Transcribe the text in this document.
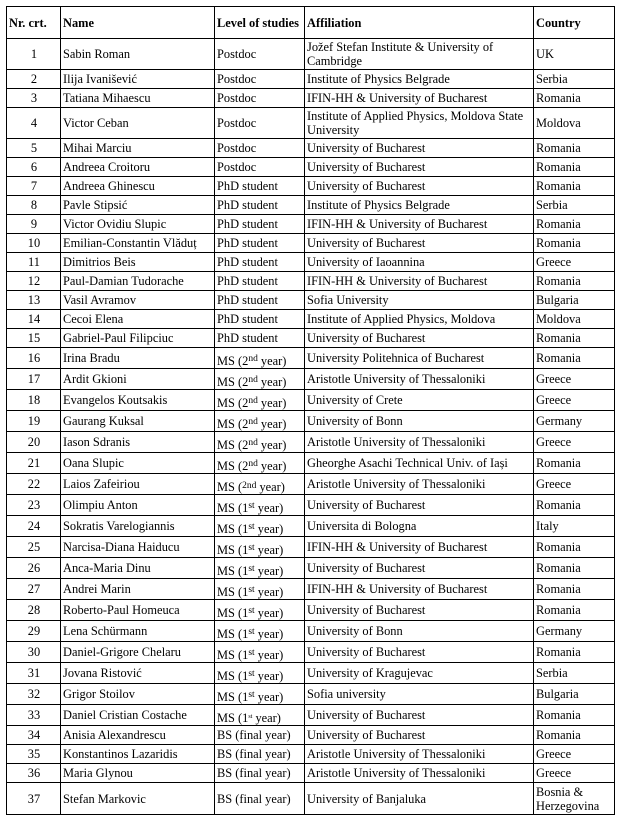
Nr. crt.	Name	Level of studies	Affiliation	Country
1	Sabin Roman	Postdoc	Jožef Stefan Institute & University of Cambridge	UK
2	Ilija Ivanišević	Postdoc	Institute of Physics Belgrade	Serbia
3	Tatiana Mihaescu	Postdoc	IFIN-HH & University of Bucharest	Romania
4	Victor Ceban	Postdoc	Institute of Applied Physics, Moldova State University	Moldova
5	Mihai Marciu	Postdoc	University of Bucharest	Romania
6	Andreea Croitoru	Postdoc	University of Bucharest	Romania
7	Andreea Ghinescu	PhD student	University of Bucharest	Romania
8	Pavle Stipsić	PhD student	Institute of Physics Belgrade	Serbia
9	Victor Ovidiu Slupic	PhD student	IFIN-HH & University of Bucharest	Romania
10	Emilian-Constantin Vlăduț	PhD student	University of Bucharest	Romania
11	Dimitrios Beis	PhD student	University of Iaoannina	Greece
12	Paul-Damian Tudorache	PhD student	IFIN-HH & University of Bucharest	Romania
13	Vasil Avramov	PhD student	Sofia University	Bulgaria
14	Cecoi Elena	PhD student	Institute of Applied Physics, Moldova	Moldova
15	Gabriel-Paul Filipciuc	PhD student	University of Bucharest	Romania
16	Irina Bradu	MS (2nd year)	University Politehnica of Bucharest	Romania
17	Ardit Gkioni	MS (2nd year)	Aristotle University of Thessaloniki	Greece
18	Evangelos Koutsakis	MS (2nd year)	University of Crete	Greece
19	Gaurang Kuksal	MS (2nd year)	University of Bonn	Germany
20	Iason Sdranis	MS (2nd year)	Aristotle University of Thessaloniki	Greece
21	Oana Slupic	MS (2nd year)	Gheorghe Asachi Technical Univ. of Iași	Romania
22	Laios Zafeiriou	MS ($^{2nd}$ year)	Aristotle University of Thessaloniki	Greece
23	Olimpiu Anton	MS (1st year)	University of Bucharest	Romania
24	Sokratis Varelogiannis	MS (1st year)	Universita di Bologna	Italy
25	Narcisa-Diana Haiducu	MS (1st year)	IFIN-HH & University of Bucharest	Romania
26	Anca-Maria Dinu	MS (1st year)	University of Bucharest	Romania
27	Andrei Marin	MS (1st year)	IFIN-HH & University of Bucharest	Romania
28	Roberto-Paul Homeuca	MS (1st year)	University of Bucharest	Romania
29	Lena Schürmann	MS (1st year)	University of Bonn	Germany
30	Daniel-Grigore Chelaru	MS (1st year)	University of Bucharest	Romania
31	Jovana Ristović	MS (1st year)	University of Kragujevac	Serbia
32	Grigor Stoilov	MS (1st year)	Sofia university	Bulgaria
33	Daniel Cristian Costache	MS (1st year)	University of Bucharest	Romania
34	Anisia Alexandrescu	BS (final year)	University of Bucharest	Romania
35	Konstantinos Lazaridis	BS (final year)	Aristotle University of Thessaloniki	Greece
36	Maria Glynou	BS (final year)	Aristotle University of Thessaloniki	Greece
37	Stefan Markovic	BS (final year)	University of Banjaluka	Bosnia & Herzegovina
